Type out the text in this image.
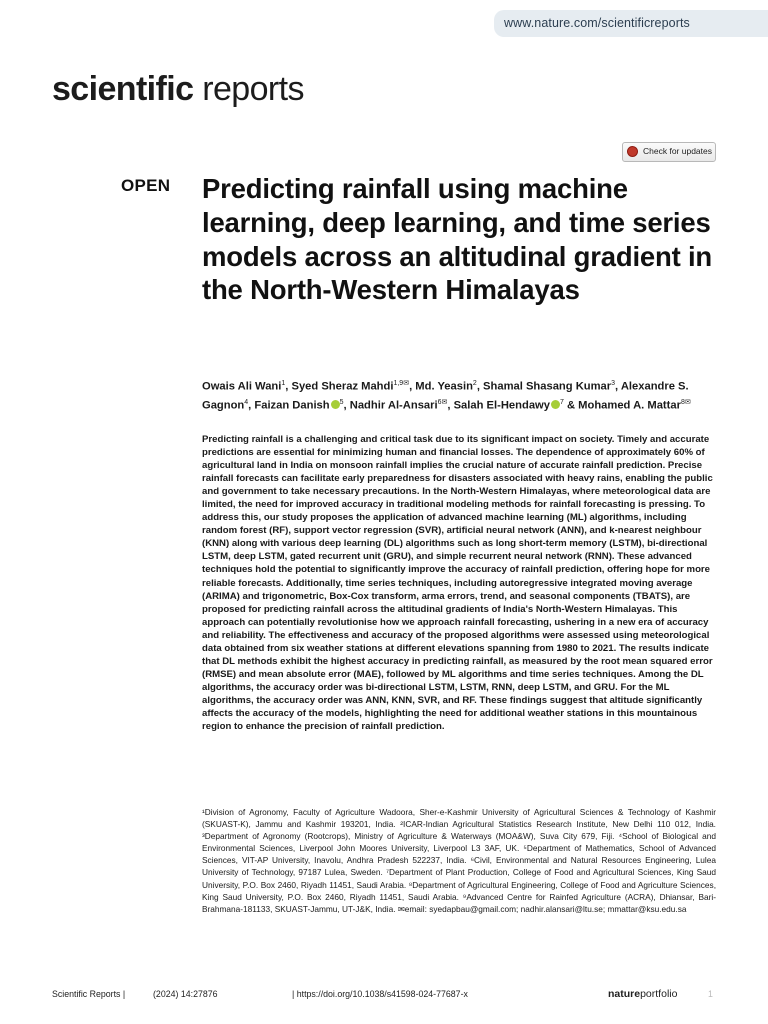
www.nature.com/scientificreports
scientific reports
Check for updates
OPEN Predicting rainfall using machine learning, deep learning, and time series models across an altitudinal gradient in the North-Western Himalayas
Owais Ali Wani$^1$, Syed Sheraz Mahdi$^{1,9✉}$, Md. Yeasin$^2$, Shamal Shasang Kumar$^3$, Alexandre S. Gagnon$^4$, Faizan Danish $^5$, Nadhir Al-Ansari$^{6✉}$, Salah El-Hendawy $^7$ & Mohamed A. Mattar$^{8✉}$

Predicting rainfall is a challenging and critical task due to its significant impact on society. Timely and accurate predictions are essential for minimizing human and financial losses. The dependence of approximately 60% of agricultural land in India on monsoon rainfall implies the crucial nature of accurate rainfall prediction. Precise rainfall forecasts can facilitate early preparedness for disasters associated with heavy rains, enabling the public and government to take necessary precautions. In the North-Western Himalayas, where meteorological data are limited, the need for improved accuracy in traditional modeling methods for rainfall forecasting is pressing. To address this, our study proposes the application of advanced machine learning (ML) algorithms, including random forest (RF), support vector regression (SVR), artificial neural network (ANN), and k-nearest neighbour (KNN) along with various deep learning (DL) algorithms such as long short-term memory (LSTM), bi-directional LSTM, deep LSTM, gated recurrent unit (GRU), and simple recurrent neural network (RNN). These advanced techniques hold the potential to significantly improve the accuracy of rainfall prediction, offering hope for more reliable forecasts. Additionally, time series techniques, including autoregressive integrated moving average (ARIMA) and trigonometric, Box-Cox transform, arma errors, trend, and seasonal components (TBATS), are proposed for predicting rainfall across the altitudinal gradients of India's North-Western Himalayas. This approach can potentially revolutionise how we approach rainfall forecasting, ushering in a new era of accuracy and reliability. The effectiveness and accuracy of the proposed algorithms were assessed using meteorological data obtained from six weather stations at different elevations spanning from 1980 to 2021. The results indicate that DL methods exhibit the highest accuracy in predicting rainfall, as measured by the root mean squared error (RMSE) and mean absolute error (MAE), followed by ML algorithms and time series techniques. Among the DL algorithms, the accuracy order was bi-directional LSTM, LSTM, RNN, deep LSTM, and GRU. For the ML algorithms, the accuracy order was ANN, KNN, SVR, and RF. These findings suggest that altitude significantly affects the accuracy of the models, highlighting the need for additional weather stations in this mountainous region to enhance the precision of rainfall prediction.

¹Division of Agronomy, Faculty of Agriculture Wadoora, Sher-e-Kashmir University of Agricultural Sciences & Technology of Kashmir (SKUAST-K), Jammu and Kashmir 193201, India. ²ICAR-Indian Agricultural Statistics Research Institute, New Delhi 110 012, India. ³Department of Agronomy (Rootcrops), Ministry of Agriculture & Waterways (MOA&W), Suva City 679, Fiji. ⁴School of Biological and Environmental Sciences, Liverpool John Moores University, Liverpool L3 3AF, UK. ⁵Department of Mathematics, School of Advanced Sciences, VIT-AP University, Inavolu, Andhra Pradesh 522237, India. ⁶Civil, Environmental and Natural Resources Engineering, Lulea University of Technology, 97187 Lulea, Sweden. ⁷Department of Plant Production, College of Food and Agricultural Sciences, King Saud University, P.O. Box 2460, Riyadh 11451, Saudi Arabia. ⁸Department of Agricultural Engineering, College of Food and Agriculture Sciences, King Saud University, P.O. Box 2460, Riyadh 11451, Saudi Arabia. ⁹Advanced Centre for Rainfed Agriculture (ACRA), Dhiansar, Bari-Brahmana-181133, SKUAST-Jammu, UT-J&K, India. ✉email: syedapbau@gmail.com; nadhir.alansari@ltu.se; mmattar@ksu.edu.sa

Scientific Reports |	(2024) 14:27876	| https://doi.org/10.1038/s41598-024-77687-x	natureportfolio	1
